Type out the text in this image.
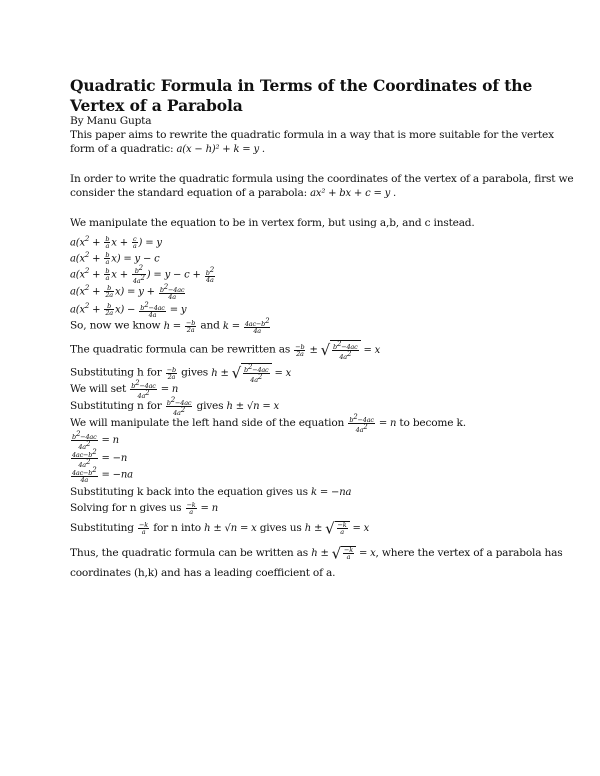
Quadratic Formula in Terms of the Coordinates of the Vertex of a Parabola
By Manu Gupta
This paper aims to rewrite the quadratic formula in a way that is more suitable for the vertex
form of a quadratic: a(x − h)² + k = y .
In order to write the quadratic formula using the coordinates of the vertex of a parabola, first we
consider the standard equation of a parabola: ax² + bx + c = y .
We manipulate the equation to be in vertex form, but using a,b, and c instead.
$a(x^2 + \frac{b}{a}$ $x + \frac{c}{a}$ ) = y
$a(x^2 + \frac{b}{a} x) = y - c$
$a(x^2 + \frac{b}{a}$ $x + \frac{b2}{4a2}$ ) = $y - c + \frac{b2}{4a}$
$a(x^2 + \frac{b}{2a} x) = y + \frac{b2-4ac}{4a}$
$a(x^2 + \frac{b}{2a} x) - \frac{b2-4ac}{4a} = y$
So, now we know $h = \frac{-b}{2a}$ and $k = \frac{4ac-b2}{4a}$
The quadratic formula can be rewritten as $\frac{-b}{2a}$ ± √ $\frac{b2-4ac}{4a2} = x$
Substituting h for $\frac{-b}{2a}$ gives h ± √ $\frac{b2-4ac}{4a2} = x$
We will set $\frac{b2-4ac}{4a2} = n$
Substituting n for $\frac{b2-4ac}{4a2}$ gives h ± √n = x
We will manipulate the left hand side of the equation $\frac{b2-4ac}{4a2} = n$ to become k.
$\frac{b2-4ac}{4a2} = n$
$\frac{4ac-b2}{4a2} = -n$
$\frac{4ac-b2}{4a} = -na$
Substituting k back into the equation gives us k = −na
Solving for n gives us $\frac{-k}{a} = n$
Substituting $\frac{-k}{a}$ for n into h ± √n = x gives us h ± √ $\frac{-k}{a} = x$
Thus, the quadratic formula can be written as h ± √ $\frac{-k}{a} = x$, where the vertex of a parabola has
coordinates (h,k) and has a leading coefficient of a.
